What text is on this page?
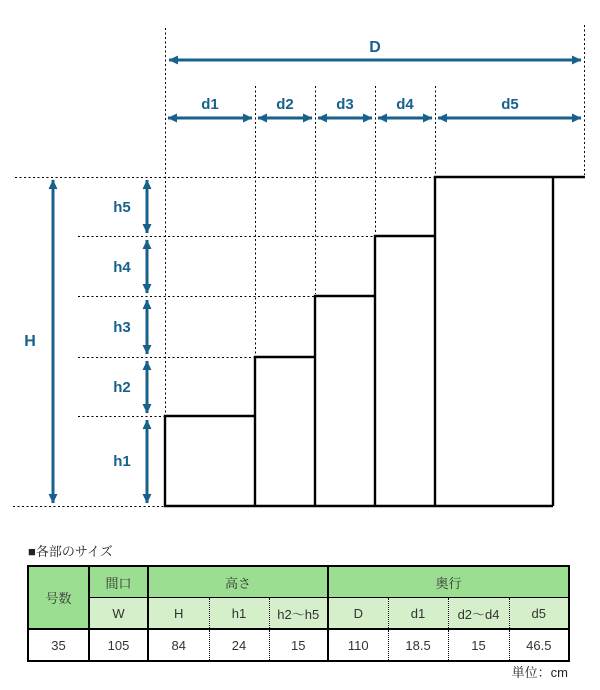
D
d1	d2	d3	d4	d5
H
h5
h4
h3
h2
h1
■各部のサイズ
号数	間口	高さ			奥行			
	W	H	h1	h2～h5	D	d1	d2～d4	d5
35	105	84	24	15	110	18.5	15	46.5
単位：cm
